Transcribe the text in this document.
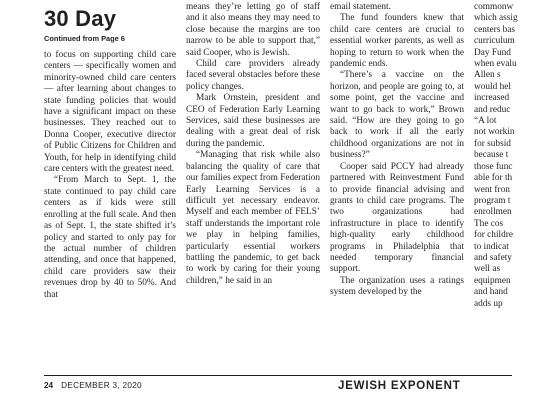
30 Day
Continued from Page 6

to focus on supporting child care centers — specifically women and minority-owned child care centers — after learning about changes to state funding policies that would have a significant impact on these businesses. They reached out to Donna Cooper, executive director of Public Citizens for Children and Youth, for help in identifying child care centers with the greatest need.

“From March to Sept. 1, the state continued to pay child care centers as if kids were still enrolling at the full scale. And then as of Sept. 1, the state shifted it’s policy and started to only pay for the actual number of children attending, and once that happened, child care providers saw their revenues drop by 40 to 50%. And that

means they’re letting go of staff and it also means they may need to close because the margins are too narrow to be able to support that,” said Cooper, who is Jewish.

Child care providers already faced several obstacles before these policy changes.

Mark Ornstein, president and CEO of Federation Early Learning Services, said these businesses are dealing with a great deal of risk during the pandemic.

“Managing that risk while also balancing the quality of care that our families expect from Federation Early Learning Services is a difficult yet necessary endeavor. Myself and each member of FELS’ staff understands the important role we play in helping families, particularly essential workers battling the pandemic, to get back to work by caring for their young children,” he said in an

email statement.

The fund founders knew that child care centers are crucial to essential worker parents, as well as hoping to return to work when the pandemic ends.

“There’s a vaccine on the horizon, and people are going to, at some point, get the vaccine and want to go back to work,” Brown said. “How are they going to go back to work if all the early childhood organizations are not in business?”

Cooper said PCCY had already partnered with Reinvestment Fund to provide financial advising and grants to child care programs. The two organizations had infrastructure in place to identify high-quality early childhood programs in Philadelphia that needed temporary financial support.

The organization uses a ratings system developed by the

commonw
which assig
centers bas
curriculum
Day Fund
when evalu
Allen s
would hel
increased
and reduc
“A lot
not workin
for subsid
because t
those func
able for th
went fron
program t
enrollmen
The cos
for childre
to indicat
and safety
well as
equipmen
and hand
adds up
24 DECEMBER 3, 2020	JEWISH EXPONENT
